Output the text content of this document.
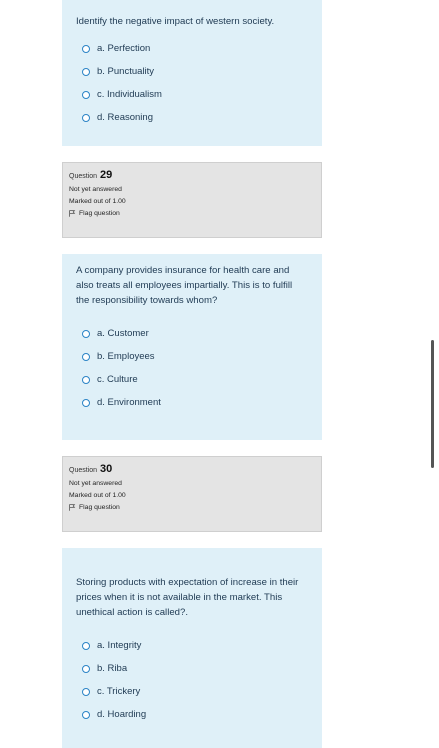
Identify the negative impact of western society.

a. Perfection
b. Punctuality
c. Individualism
d. Reasoning
Question 29
Not yet answered
Marked out of 1.00
Flag question

A company provides insurance for health care and also treats all employees impartially. This is to fulfill the responsibility towards whom?

a. Customer
b. Employees
c. Culture
d. Environment
Question 30
Not yet answered
Marked out of 1.00
Flag question

Storing products with expectation of increase in their prices when it is not available in the market. This unethical action is called?.

a. Integrity
b. Riba
c. Trickery
d. Hoarding
